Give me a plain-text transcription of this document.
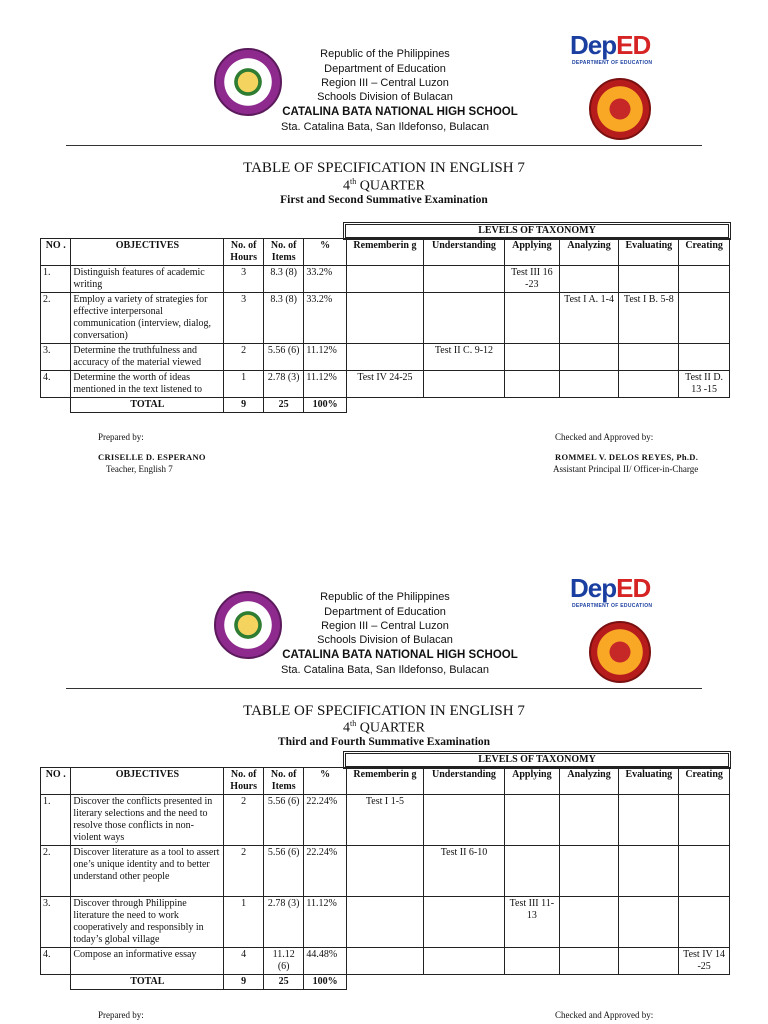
DepED
DEPARTMENT OF EDUCATION
Republic of the Philippines
Department of Education
Region III – Central Luzon
Schools Division of Bulacan
CATALINA BATA NATIONAL HIGH SCHOOL
Sta. Catalina Bata, San Ildefonso, Bulacan
TABLE OF SPECIFICATION IN ENGLISH 7
4th QUARTER
First and Second Summative Examination
LEVELS OF TAXONOMY
NO .	OBJECTIVES	No. of Hours	No. of Items	%	Rememberin g	Understanding	Applying	Analyzing	Evaluating	Creating
1.	Distinguish features of academic writing	3	8.3 (8)	33.2%			Test III 16 -23			
2.	Employ a variety of strategies for effective interpersonal communication (interview, dialog, conversation)	3	8.3 (8)	33.2%				Test I A. 1-4	Test I B. 5-8	
3.	Determine the truthfulness and accuracy of the material viewed	2	5.56 (6)	11.12%		Test II C. 9-12				
4.	Determine the worth of ideas mentioned in the text listened to	1	2.78 (3)	11.12%	Test IV 24-25					Test II D. 13 -15
	TOTAL	9	25	100%						
Prepared by:
CRISELLE D. ESPERANO
Teacher, English 7
Checked and Approved by:
ROMMEL V. DELOS REYES, Ph.D.
Assistant Principal II/ Officer-in-Charge
DepED
DEPARTMENT OF EDUCATION
Republic of the Philippines
Department of Education
Region III – Central Luzon
Schools Division of Bulacan
CATALINA BATA NATIONAL HIGH SCHOOL
Sta. Catalina Bata, San Ildefonso, Bulacan
TABLE OF SPECIFICATION IN ENGLISH 7
4th QUARTER
Third and Fourth Summative Examination
LEVELS OF TAXONOMY
NO .	OBJECTIVES	No. of Hours	No. of Items	%	Rememberin g	Understanding	Applying	Analyzing	Evaluating	Creating
1.	Discover the conflicts presented in literary selections and the need to resolve those conflicts in non-violent ways	2	5.56 (6)	22.24%	Test I 1-5					
2.	Discover literature as a tool to assert one’s unique identity and to better understand other people	2	5.56 (6)	22.24%		Test II 6-10				
3.	Discover through Philippine literature the need to work cooperatively and responsibly in today’s global village	1	2.78 (3)	11.12%			Test III 11-13			
4.	Compose an informative essay	4	11.12 (6)	44.48%						Test IV 14 -25
	TOTAL	9	25	100%						
Prepared by:	Checked and Approved by:
